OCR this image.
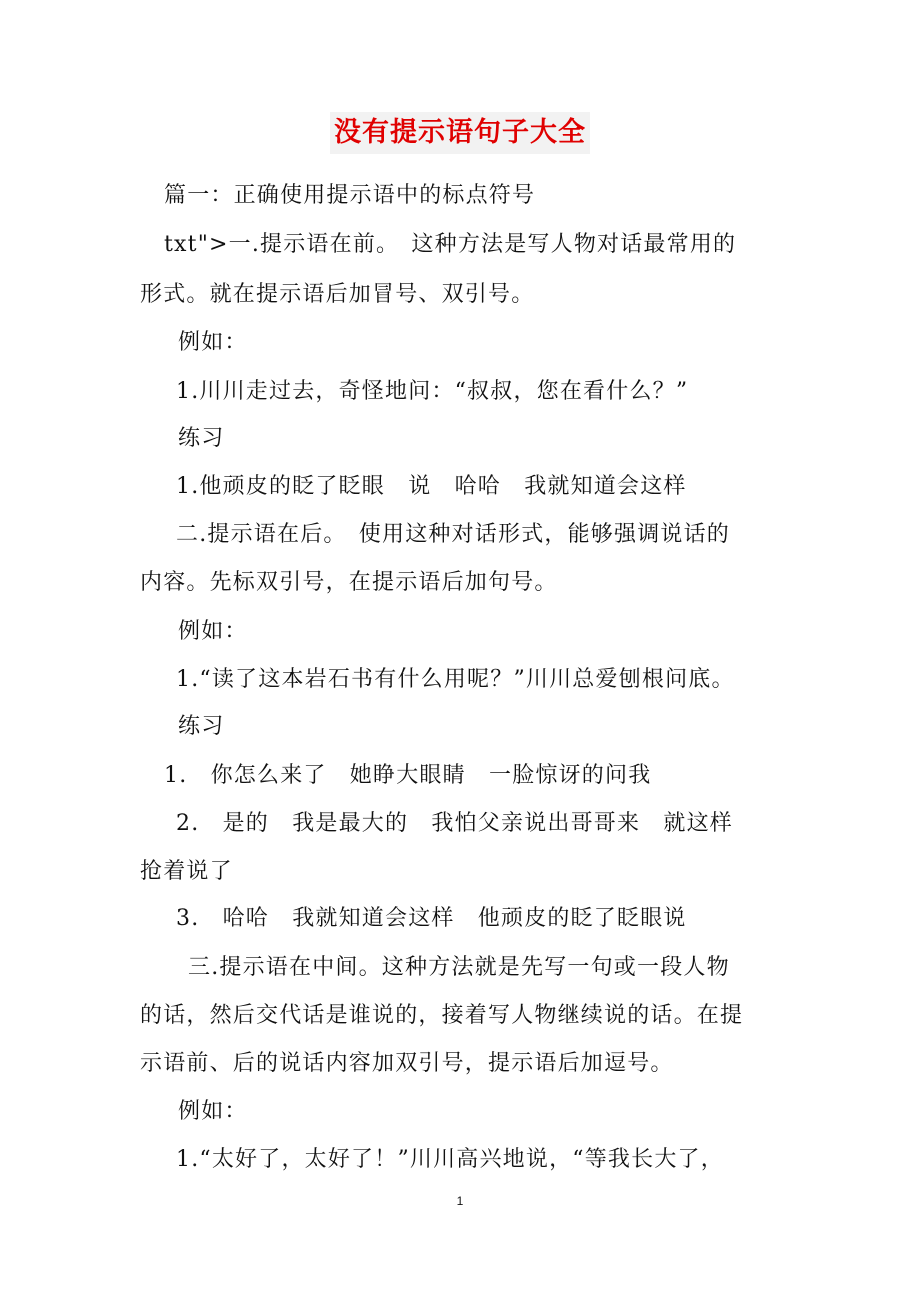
没有提示语句子大全
篇一：正确使用提示语中的标点符号
txt">一.提示语在前。　这种方法是写人物对话最常用的
形式。就在提示语后加冒号、双引号。
例如：
1.川川走过去，奇怪地问：“叔叔，您在看什么？”
练习
1.他顽皮的眨了眨眼　说　哈哈　我就知道会这样
二.提示语在后。　使用这种对话形式，能够强调说话的
内容。先标双引号，在提示语后加句号。
例如：
1.“读了这本岩石书有什么用呢？”川川总爱刨根问底。
练习
1.　你怎么来了　她睁大眼睛　一脸惊讶的问我
2.　是的　我是最大的　我怕父亲说出哥哥来　就这样
抢着说了
3.　哈哈　我就知道会这样　他顽皮的眨了眨眼说
三.提示语在中间。这种方法就是先写一句或一段人物
的话，然后交代话是谁说的，接着写人物继续说的话。在提
示语前、后的说话内容加双引号，提示语后加逗号。
例如：
1.“太好了，太好了！”川川高兴地说，“等我长大了，
1
